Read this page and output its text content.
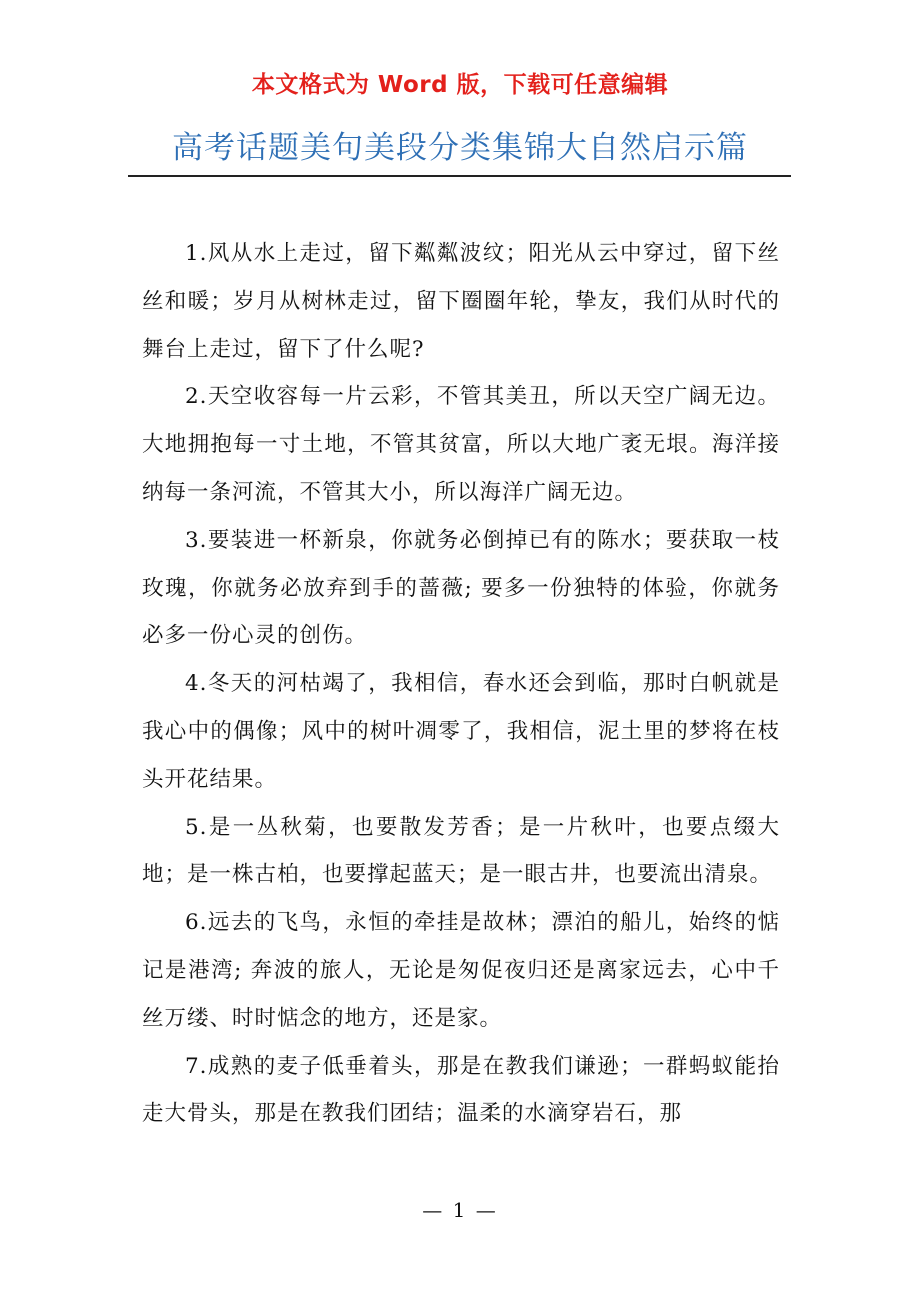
本文格式为 Word 版，下载可任意编辑
高考话题美句美段分类集锦大自然启示篇

1.风从水上走过，留下粼粼波纹；阳光从云中穿过，留下丝丝和暖；岁月从树林走过，留下圈圈年轮，挚友，我们从时代的舞台上走过，留下了什么呢?

2.天空收容每一片云彩，不管其美丑，所以天空广阔无边。大地拥抱每一寸土地，不管其贫富，所以大地广袤无垠。海洋接纳每一条河流，不管其大小，所以海洋广阔无边。

3.要装进一杯新泉，你就务必倒掉已有的陈水；要获取一枝玫瑰，你就务必放弃到手的蔷薇; 要多一份独特的体验，你就务必多一份心灵的创伤。

4.冬天的河枯竭了，我相信，春水还会到临，那时白帆就是我心中的偶像；风中的树叶凋零了，我相信，泥土里的梦将在枝头开花结果。

5.是一丛秋菊，也要散发芳香；是一片秋叶，也要点缀大地；是一株古柏，也要撑起蓝天；是一眼古井，也要流出清泉。

6.远去的飞鸟，永恒的牵挂是故林；漂泊的船儿，始终的惦记是港湾; 奔波的旅人，无论是匆促夜归还是离家远去，心中千丝万缕、时时惦念的地方，还是家。

7.成熟的麦子低垂着头，那是在教我们谦逊；一群蚂蚁能抬走大骨头，那是在教我们团结；温柔的水滴穿岩石，那

— 1 —
